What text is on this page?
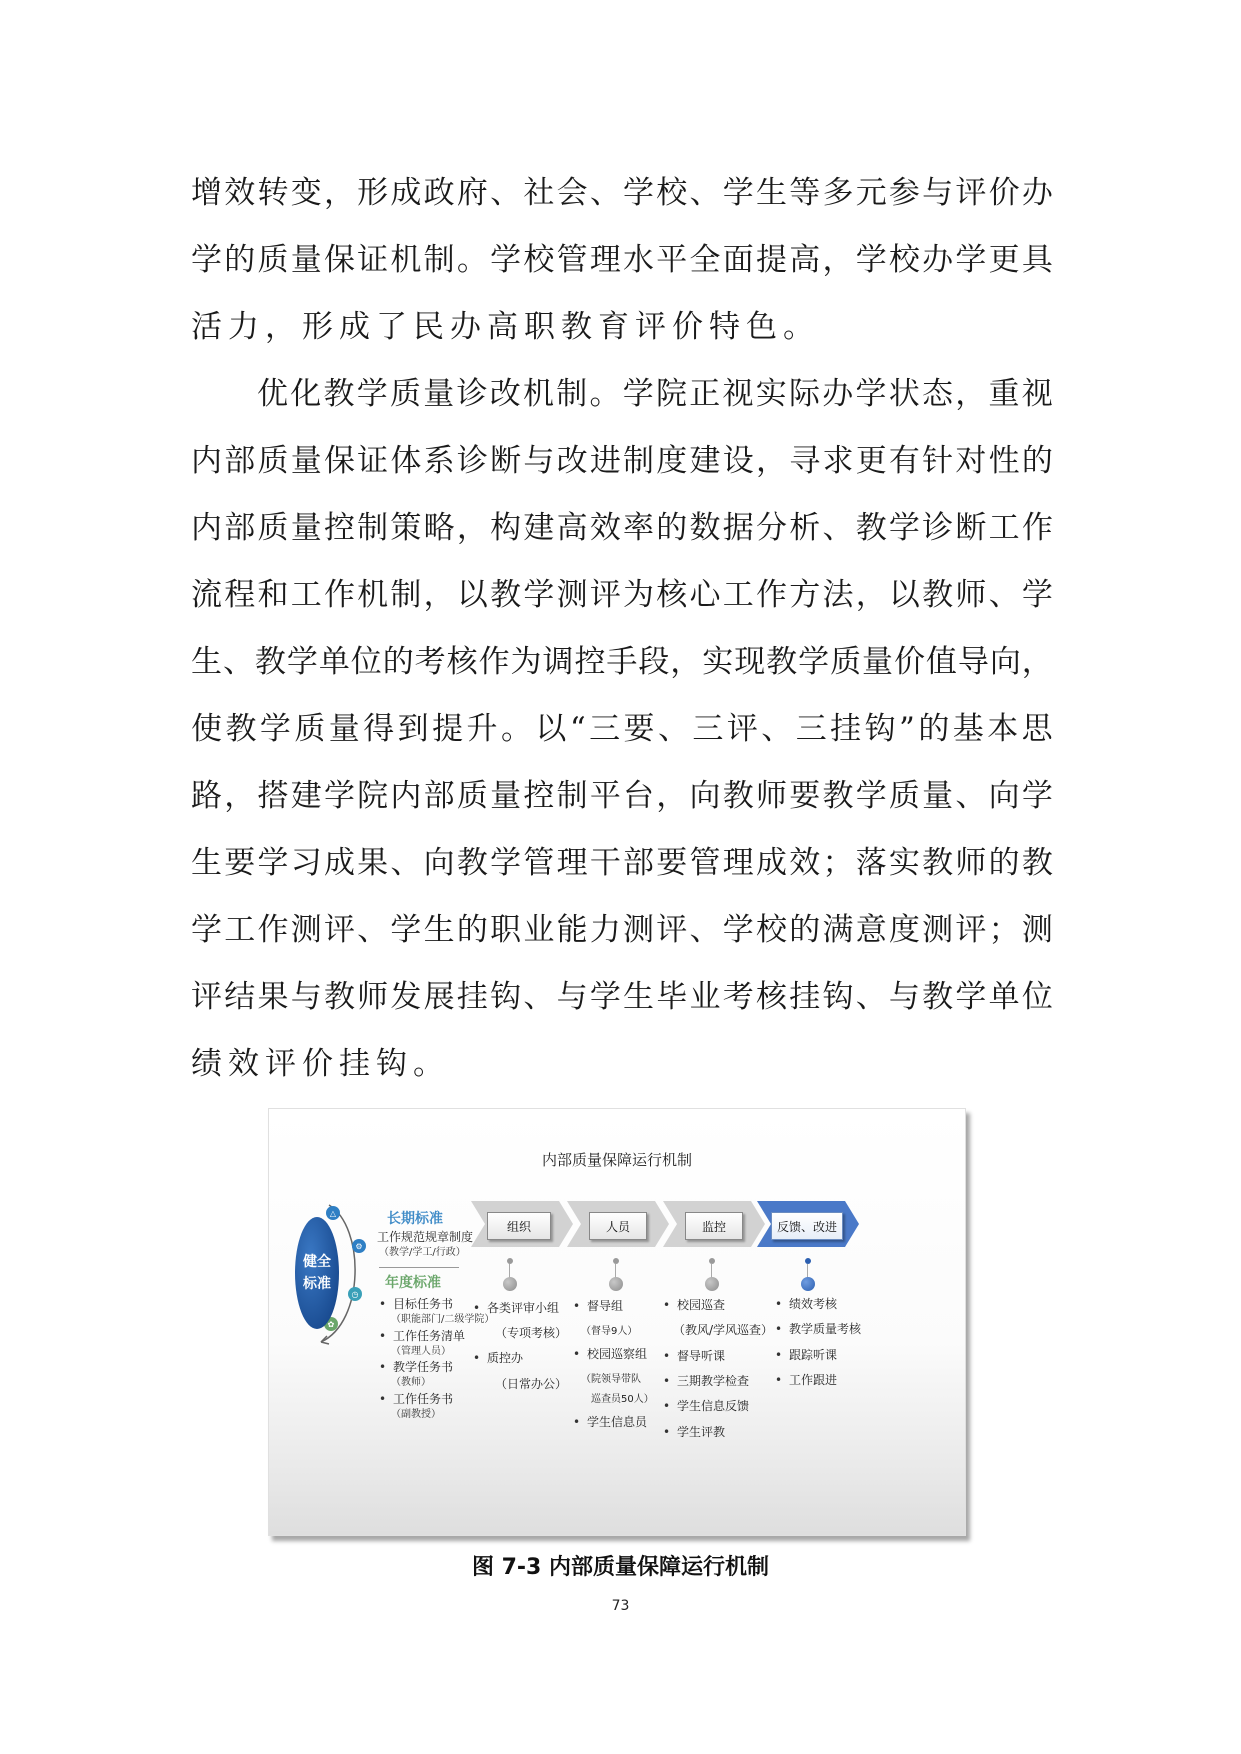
增 效 转 变 ， 形 成 政 府 、 社 会 、 学 校 、 学 生 等 多 元 参 与 评 价 办
学 的 质 量 保 证 机 制 。 学 校 管 理 水 平 全 面 提 高 ， 学 校 办 学 更 具
活 力 ， 形 成 了 民 办 高 职 教 育 评 价 特 色 。
优 化 教 学 质 量 诊 改 机 制 。 学 院 正 视 实 际 办 学 状 态 ， 重 视
内 部 质 量 保 证 体 系 诊 断 与 改 进 制 度 建 设 ， 寻 求 更 有 针 对 性 的
内 部 质 量 控 制 策 略 ， 构 建 高 效 率 的 数 据 分 析 、 教 学 诊 断 工 作
流 程 和 工 作 机 制 ， 以 教 学 测 评 为 核 心 工 作 方 法 ， 以 教 师 、 学
生 、 教 学 单 位 的 考 核 作 为 调 控 手 段 ， 实 现 教 学 质 量 价 值 导 向 ，
使 教 学 质 量 得 到 提 升 。 以 “ 三 要 、 三 评 、 三 挂 钩 ” 的 基 本 思
路 ， 搭 建 学 院 内 部 质 量 控 制 平 台 ， 向 教 师 要 教 学 质 量 、 向 学
生 要 学 习 成 果 、 向 教 学 管 理 干 部 要 管 理 成 效 ； 落 实 教 师 的 教
学 工 作 测 评 、 学 生 的 职 业 能 力 测 评 、 学 校 的 满 意 度 测 评 ； 测
评 结 果 与 教 师 发 展 挂 钩 、 与 学 生 毕 业 考 核 挂 钩 、 与 教 学 单 位
绩 效 评 价 挂 钩 。
内部质量保障运行机制
△
⚙
◷
✿
健全
标准
长期标准
工作规范规章制度
（教学/学工/行政）
年度标准
• 目标任务书
（职能部门/二级学院）
• 工作任务清单
（管理人员）
• 教学任务书
（教师）
• 工作任务书
（副教授）
组织	人员	监控	反馈、改进
• 各类评审小组
（专项考核）
• 质控办
（日常办公）
• 督导组
（督导9人）
• 校园巡察组
（院领导带队
巡查员50人）
• 学生信息员
• 校园巡查
（教风/学风巡查）
• 督导听课
• 三期教学检查
• 学生信息反馈
• 学生评教
• 绩效考核
• 教学质量考核
• 跟踪听课
• 工作跟进
图 7-3 内部质量保障运行机制
73
